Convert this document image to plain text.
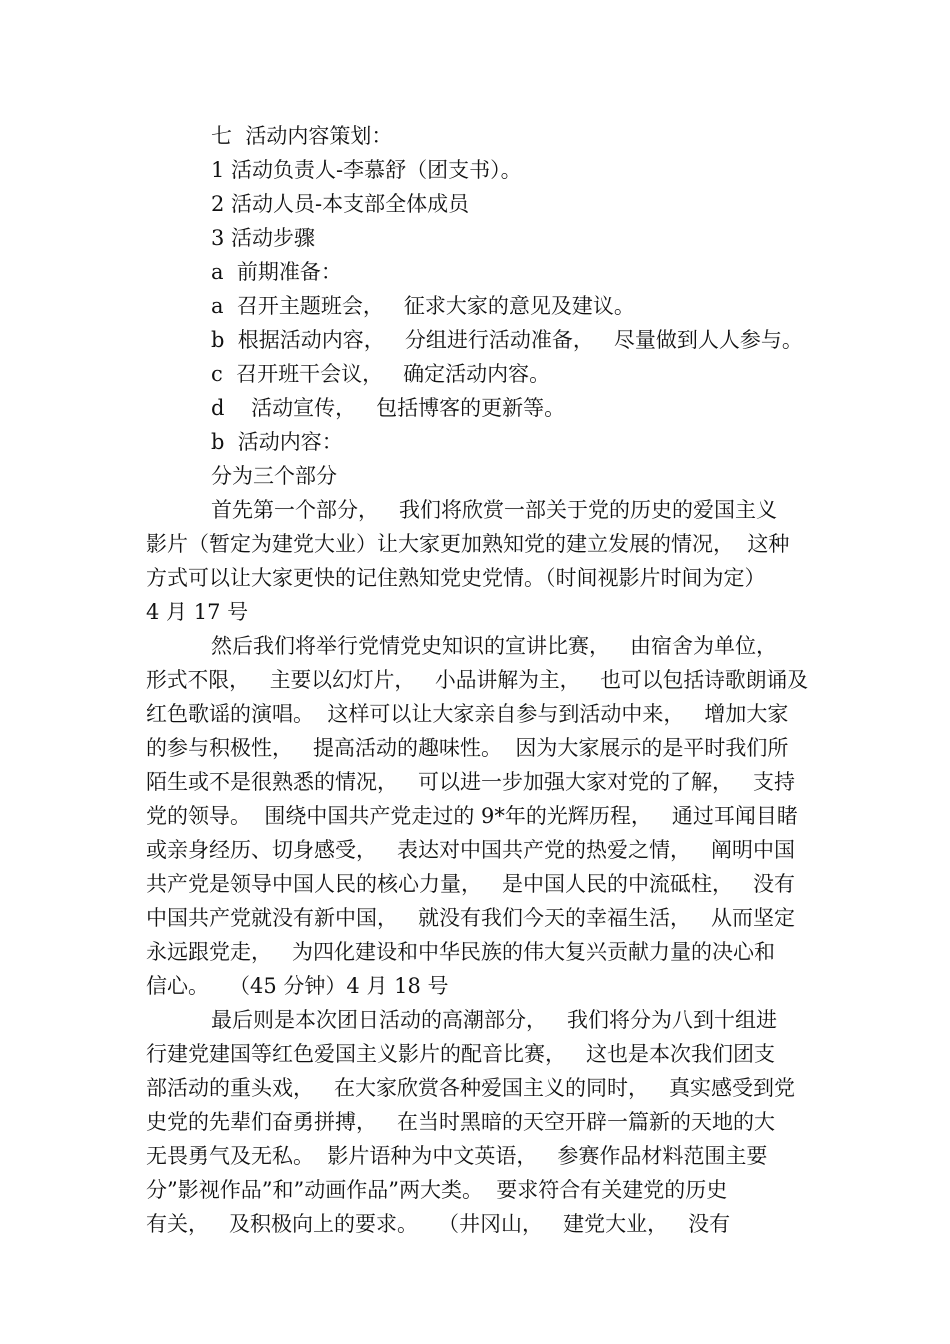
七  活动内容策划：
1 活动负责人-李慕舒（团支书）。
2 活动人员-本支部全体成员
3 活动步骤
a  前期准备：
a  召开主题班会，   征求大家的意见及建议。
b  根据活动内容，   分组进行活动准备，   尽量做到人人参与。
c  召开班干会议，   确定活动内容。
d    活动宣传，   包括博客的更新等。
b  活动内容：
分为三个部分
首先第一个部分，   我们将欣赏一部关于党的历史的爱国主义
影片（暂定为建党大业）让大家更加熟知党的建立发展的情况，  这种
方式可以让大家更快的记住熟知党史党情。（时间视影片时间为定）
4 月 17 号
然后我们将举行党情党史知识的宣讲比赛，   由宿舍为单位，
形式不限，   主要以幻灯片，   小品讲解为主，   也可以包括诗歌朗诵及
红色歌谣的演唱。  这样可以让大家亲自参与到活动中来，   增加大家
的参与积极性，   提高活动的趣味性。  因为大家展示的是平时我们所
陌生或不是很熟悉的情况，   可以进一步加强大家对党的了解，   支持
党的领导。  围绕中国共产党走过的 9*年的光辉历程，   通过耳闻目睹
或亲身经历、切身感受，   表达对中国共产党的热爱之情，   阐明中国
共产党是领导中国人民的核心力量，   是中国人民的中流砥柱，   没有
中国共产党就没有新中国，   就没有我们今天的幸福生活，   从而坚定
永远跟党走，   为四化建设和中华民族的伟大复兴贡献力量的决心和
信心。   （45 分钟）4 月 18 号
最后则是本次团日活动的高潮部分，   我们将分为八到十组进
行建党建国等红色爱国主义影片的配音比赛，   这也是本次我们团支
部活动的重头戏，   在大家欣赏各种爱国主义的同时，   真实感受到党
史党的先辈们奋勇拼搏，   在当时黑暗的天空开辟一篇新的天地的大
无畏勇气及无私。  影片语种为中文英语，   参赛作品材料范围主要
分”影视作品”和”动画作品”两大类。  要求符合有关建党的历史
有关，   及积极向上的要求。   （井冈山，   建党大业，   没有
